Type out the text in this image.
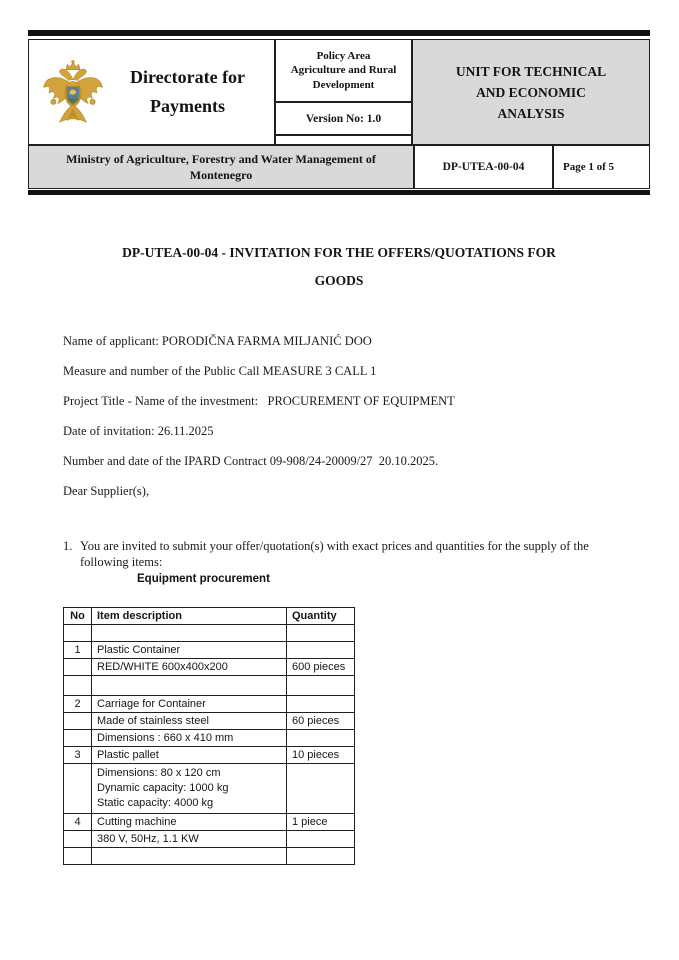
Directorate for
Payments
Policy Area
Agriculture and Rural
Development
Version No: 1.0
UNIT FOR TECHNICAL
AND ECONOMIC
ANALYSIS
Ministry of Agriculture, Forestry and Water Management of
Montenegro
DP-UTEA-00-04	Page 1 of 5
DP-UTEA-00-04 - INVITATION FOR THE OFFERS/QUOTATIONS FOR
GOODS

Name of applicant: PORODIČNA FARMA MILJANIĆ DOO

Measure and number of the Public Call MEASURE 3 CALL 1

Project Title - Name of the investment:   PROCUREMENT OF EQUIPMENT

Date of invitation: 26.11.2025

Number and date of the IPARD Contract 09-908/24-20009/27  20.10.2025.

Dear Supplier(s),

1. You are invited to submit your offer/quotation(s) with exact prices and quantities for the supply of the following items:
Equipment procurement
No	Item description	Quantity

1	Plastic Container	
	RED/WHITE 600x400x200	600 pieces

2	Carriage for Container	
	Made of stainless steel	60 pieces
	Dimensions : 660 x 410 mm	
3	Plastic pallet	10 pieces
	Dimensions: 80 x 120 cm
Dynamic capacity: 1000 kg
Static capacity: 4000 kg	
4	Cutting machine	1 piece
	380 V, 50Hz, 1.1 KW	
